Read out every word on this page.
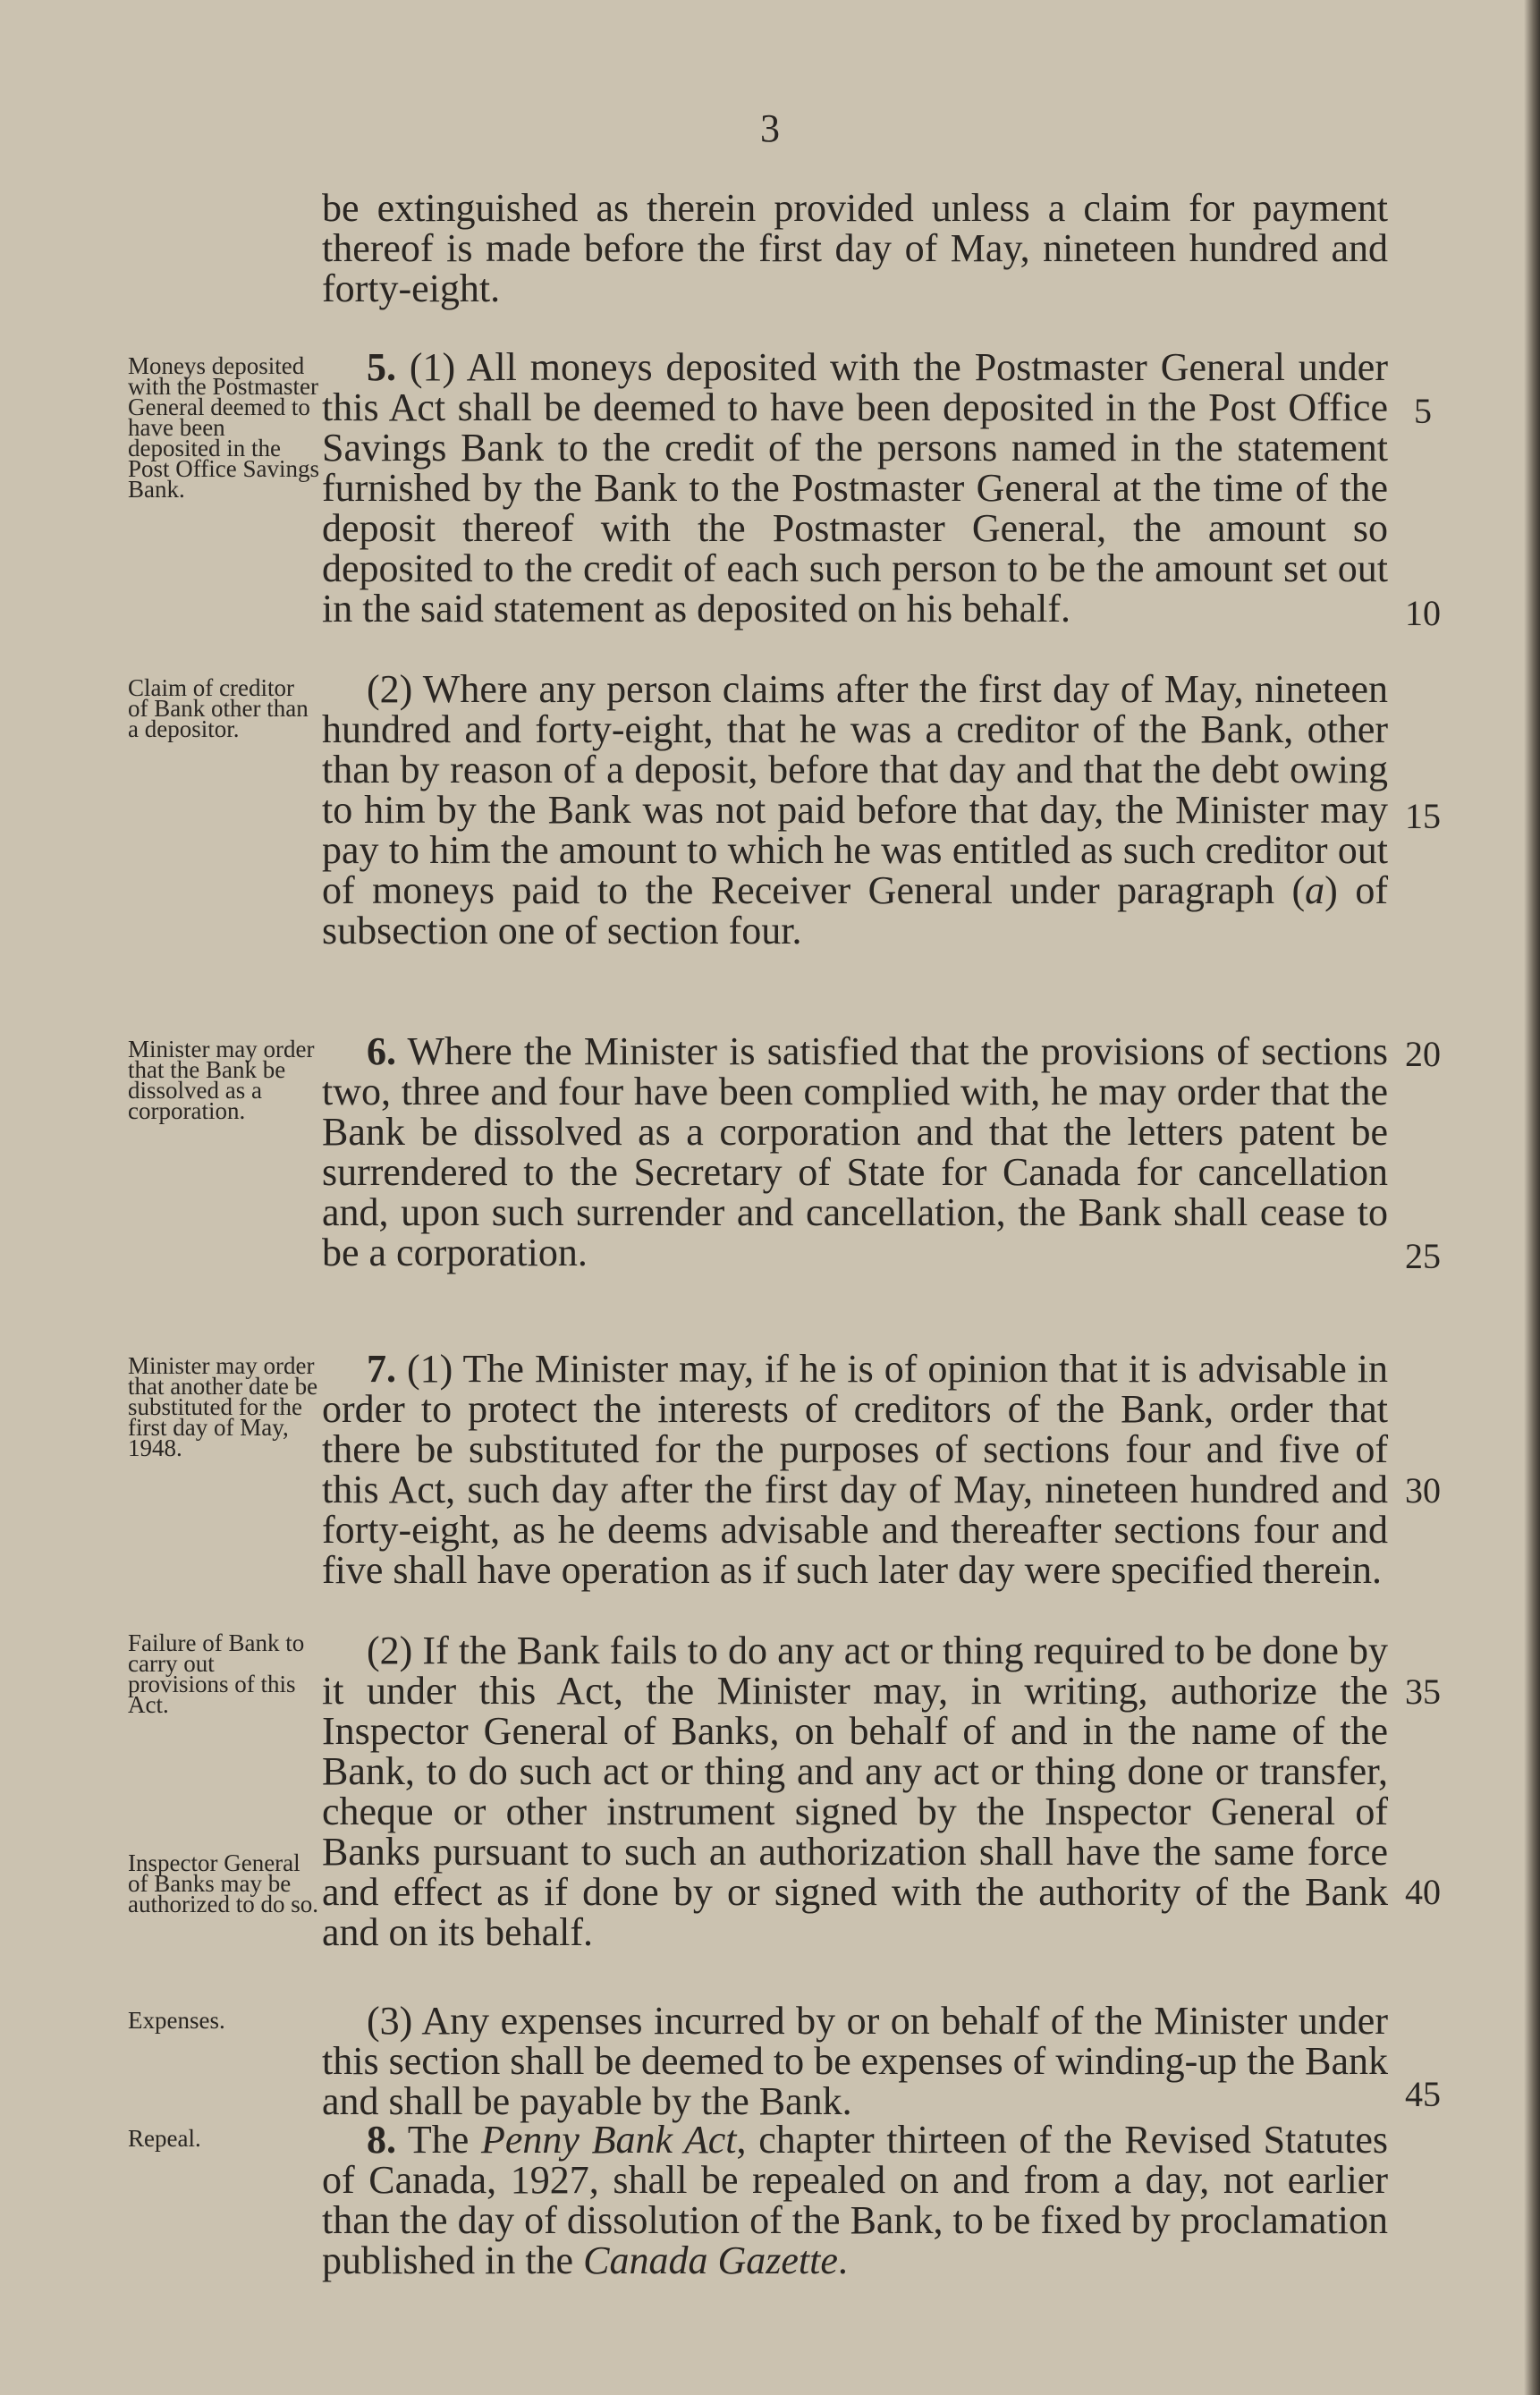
3

be extinguished as therein provided unless a claim for payment thereof is made before the first day of May, nineteen hundred and forty-eight.

5. (1) All moneys deposited with the Postmaster General under this Act shall be deemed to have been deposited in the Post Office Savings Bank to the credit of the persons named in the statement furnished by the Bank to the Postmaster General at the time of the deposit thereof with the Postmaster General, the amount so deposited to the credit of each such person to be the amount set out in the said statement as deposited on his behalf.

(2) Where any person claims after the first day of May, nineteen hundred and forty-eight, that he was a creditor of the Bank, other than by reason of a deposit, before that day and that the debt owing to him by the Bank was not paid before that day, the Minister may pay to him the amount to which he was entitled as such creditor out of moneys paid to the Receiver General under paragraph (a) of subsection one of section four.

6. Where the Minister is satisfied that the provisions of sections two, three and four have been complied with, he may order that the Bank be dissolved as a corporation and that the letters patent be surrendered to the Secretary of State for Canada for cancellation and, upon such surrender and cancellation, the Bank shall cease to be a corporation.

7. (1) The Minister may, if he is of opinion that it is advisable in order to protect the interests of creditors of the Bank, order that there be substituted for the purposes of sections four and five of this Act, such day after the first day of May, nineteen hundred and forty-eight, as he deems advisable and thereafter sections four and five shall have operation as if such later day were specified therein.

(2) If the Bank fails to do any act or thing required to be done by it under this Act, the Minister may, in writing, authorize the Inspector General of Banks, on behalf of and in the name of the Bank, to do such act or thing and any act or thing done or transfer, cheque or other instrument signed by the Inspector General of Banks pursuant to such an authorization shall have the same force and effect as if done by or signed with the authority of the Bank and on its behalf.

(3) Any expenses incurred by or on behalf of the Minister under this section shall be deemed to be expenses of winding-up the Bank and shall be payable by the Bank.

8. The Penny Bank Act, chapter thirteen of the Revised Statutes of Canada, 1927, shall be repealed on and from a day, not earlier than the day of dissolution of the Bank, to be fixed by proclamation published in the Canada Gazette.

Moneys deposited with the Postmaster General deemed to have been deposited in the Post Office Savings Bank.

Claim of creditor of Bank other than a depositor.

Minister may order that the Bank be dissolved as a corporation.

Minister may order that another date be substituted for the first day of May, 1948.

Failure of Bank to carry out provisions of this Act.

Inspector General of Banks may be authorized to do so.

Expenses.

Repeal.

5
10
15
20
25
30
35
40
45
